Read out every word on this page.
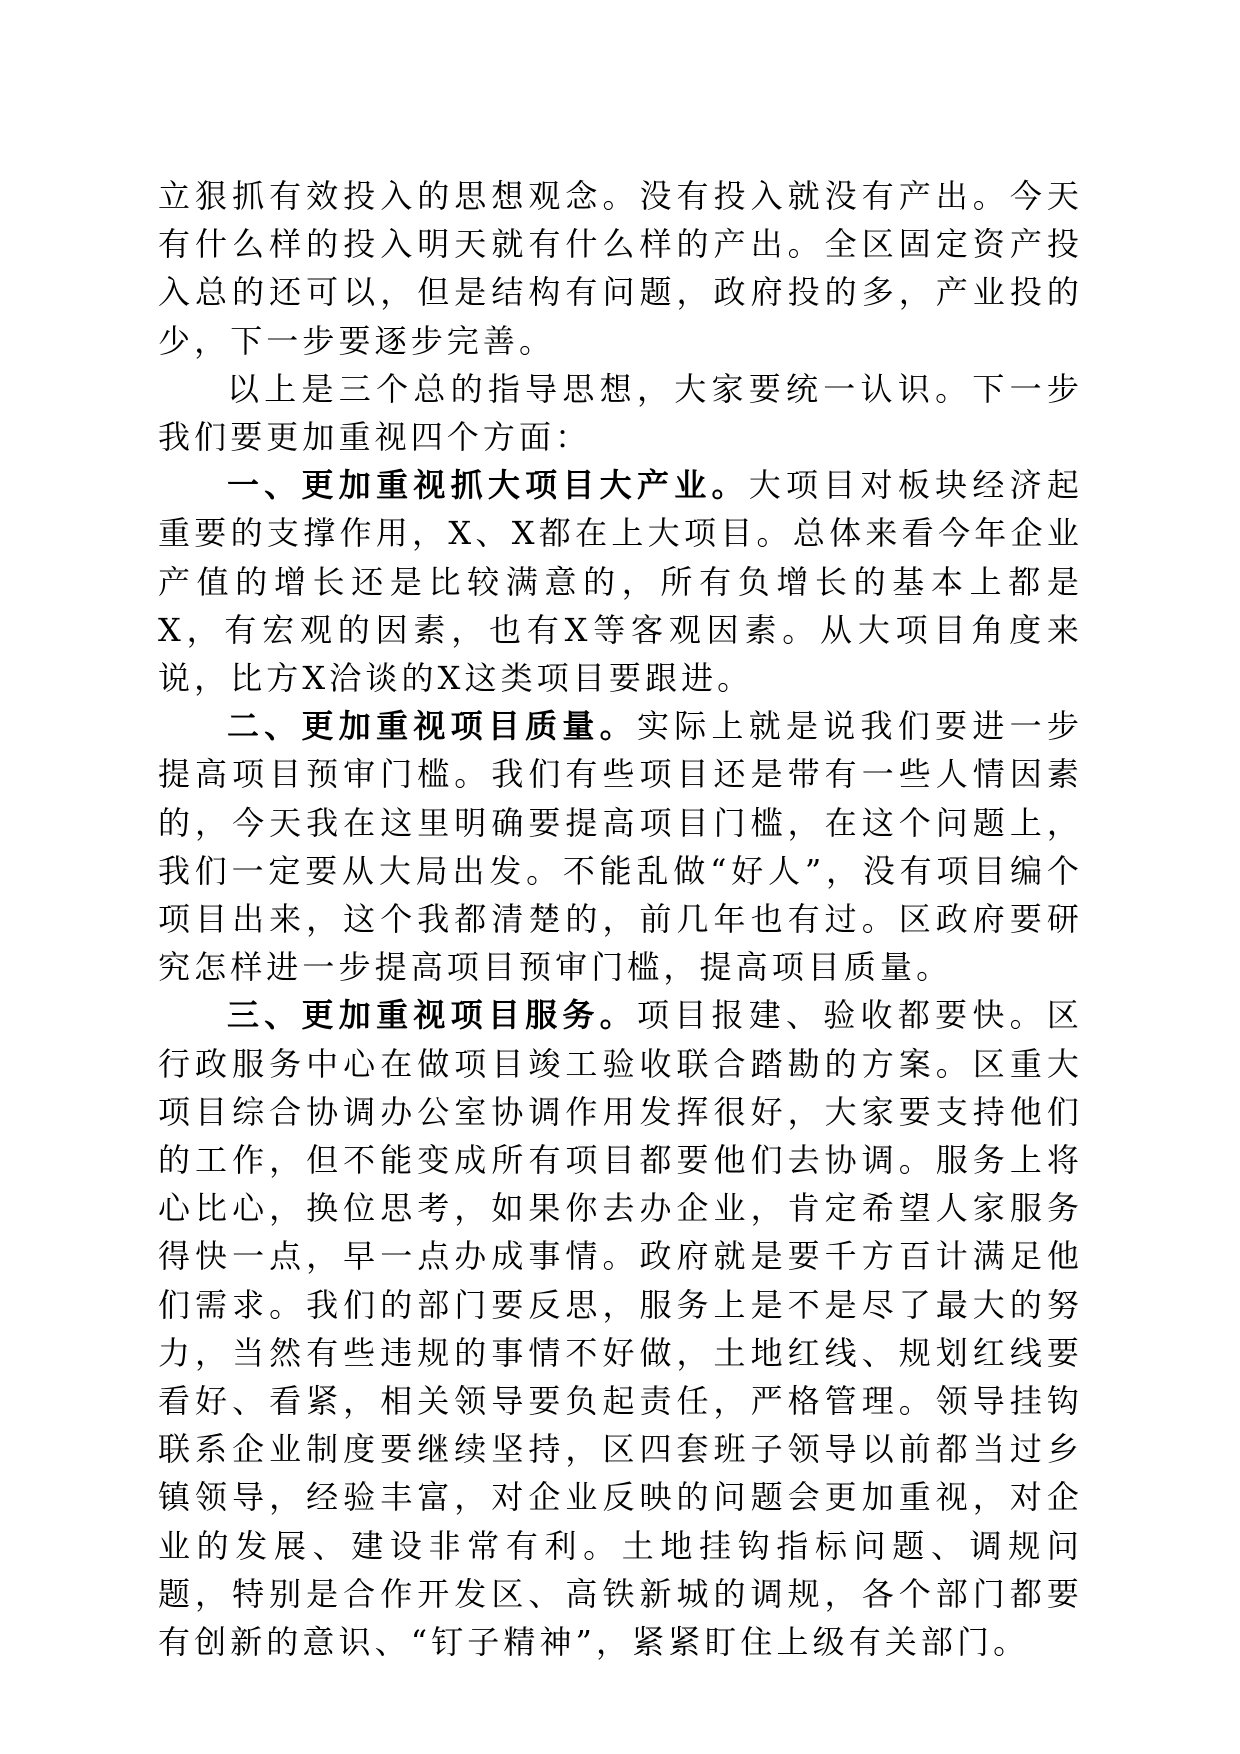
立狠抓有效投入的思想观念。没有投入就没有产出。今天有什么样的投入明天就有什么样的产出。全区固定资产投入总的还可以，但是结构有问题，政府投的多，产业投的少，下一步要逐步完善。

以上是三个总的指导思想，大家要统一认识。下一步我们要更加重视四个方面：

一、更加重视抓大项目大产业。大项目对板块经济起重要的支撑作用，X、X都在上大项目。总体来看今年企业产值的增长还是比较满意的，所有负增长的基本上都是X，有宏观的因素，也有X等客观因素。从大项目角度来说，比方X洽谈的X这类项目要跟进。

二、更加重视项目质量。实际上就是说我们要进一步提高项目预审门槛。我们有些项目还是带有一些人情因素的，今天我在这里明确要提高项目门槛，在这个问题上，我们一定要从大局出发。不能乱做“好人”，没有项目编个项目出来，这个我都清楚的，前几年也有过。区政府要研究怎样进一步提高项目预审门槛，提高项目质量。

三、更加重视项目服务。项目报建、验收都要快。区行政服务中心在做项目竣工验收联合踏勘的方案。区重大项目综合协调办公室协调作用发挥很好，大家要支持他们的工作，但不能变成所有项目都要他们去协调。服务上将心比心，换位思考，如果你去办企业，肯定希望人家服务得快一点，早一点办成事情。政府就是要千方百计满足他们需求。我们的部门要反思，服务上是不是尽了最大的努力，当然有些违规的事情不好做，土地红线、规划红线要看好、看紧，相关领导要负起责任，严格管理。领导挂钩联系企业制度要继续坚持，区四套班子领导以前都当过乡镇领导，经验丰富，对企业反映的问题会更加重视，对企业的发展、建设非常有利。土地挂钩指标问题、调规问题，特别是合作开发区、高铁新城的调规，各个部门都要有创新的意识、“钉子精神”，紧紧盯住上级有关部门。
